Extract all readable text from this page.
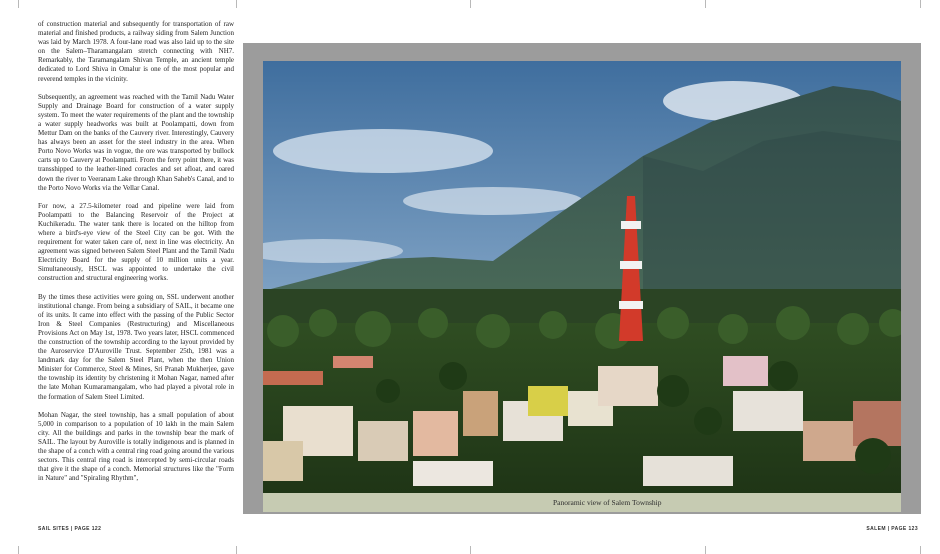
of construction material and subsequently for transportation of raw material and finished products, a railway siding from Salem Junction was laid by March 1978. A four-lane road was also laid up to the site on the Salem–Tharamangalam stretch connecting with NH7. Remarkably, the Taramangalam Shivan Temple, an ancient temple dedicated to Lord Shiva in Omalur is one of the most popular and reverend temples in the vicinity.

Subsequently, an agreement was reached with the Tamil Nadu Water Supply and Drainage Board for construction of a water supply system. To meet the water requirements of the plant and the township a water supply headworks was built at Poolampatti, down from Mettur Dam on the banks of the Cauvery river. Interestingly, Cauvery has always been an asset for the steel industry in the area. When Porto Novo Works was in vogue, the ore was transported by bullock carts up to Cauvery at Poolampatti. From the ferry point there, it was transshipped to the leather-lined coracles and set afloat, and oared down the river to Veeranam Lake through Khan Saheb's Canal, and to the Porto Novo Works via the Vellar Canal.

For now, a 27.5-kilometer road and pipeline were laid from Poolampatti to the Balancing Reservoir of the Project at Kuchikeradu. The water tank there is located on the hilltop from where a bird's-eye view of the Steel City can be got. With the requirement for water taken care of, next in line was electricity. An agreement was signed between Salem Steel Plant and the Tamil Nadu Electricity Board for the supply of 10 million units a year. Simultaneously, HSCL was appointed to undertake the civil construction and structural engineering works.

By the times these activities were going on, SSL underwent another institutional change. From being a subsidiary of SAIL, it became one of its units. It came into effect with the passing of the Public Sector Iron & Steel Companies (Restructuring) and Miscellaneous Provisions Act on May 1st, 1978. Two years later, HSCL commenced the construction of the township according to the layout provided by the Auroservice D'Auroville Trust. September 25th, 1981 was a landmark day for the Salem Steel Plant, when the then Union Minister for Commerce, Steel & Mines, Sri Pranab Mukherjee, gave the township its identity by christening it Mohan Nagar, named after the late Mohan Kumaramangalam, who had played a pivotal role in the formation of Salem Steel Limited.

Mohan Nagar, the steel township, has a small population of about 5,000 in comparison to a population of 10 lakh in the main Salem city. All the buildings and parks in the township bear the mark of SAIL. The layout by Auroville is totally indigenous and is planned in the shape of a conch with a central ring road going around the various sectors. This central ring road is intercepted by semi-circular roads that give it the shape of a conch. Memorial structures like the "Form in Nature" and "Spiraling Rhythm",

Panoramic view of Salem Township
SAIL SITES | PAGE 122	SALEM | PAGE 123
